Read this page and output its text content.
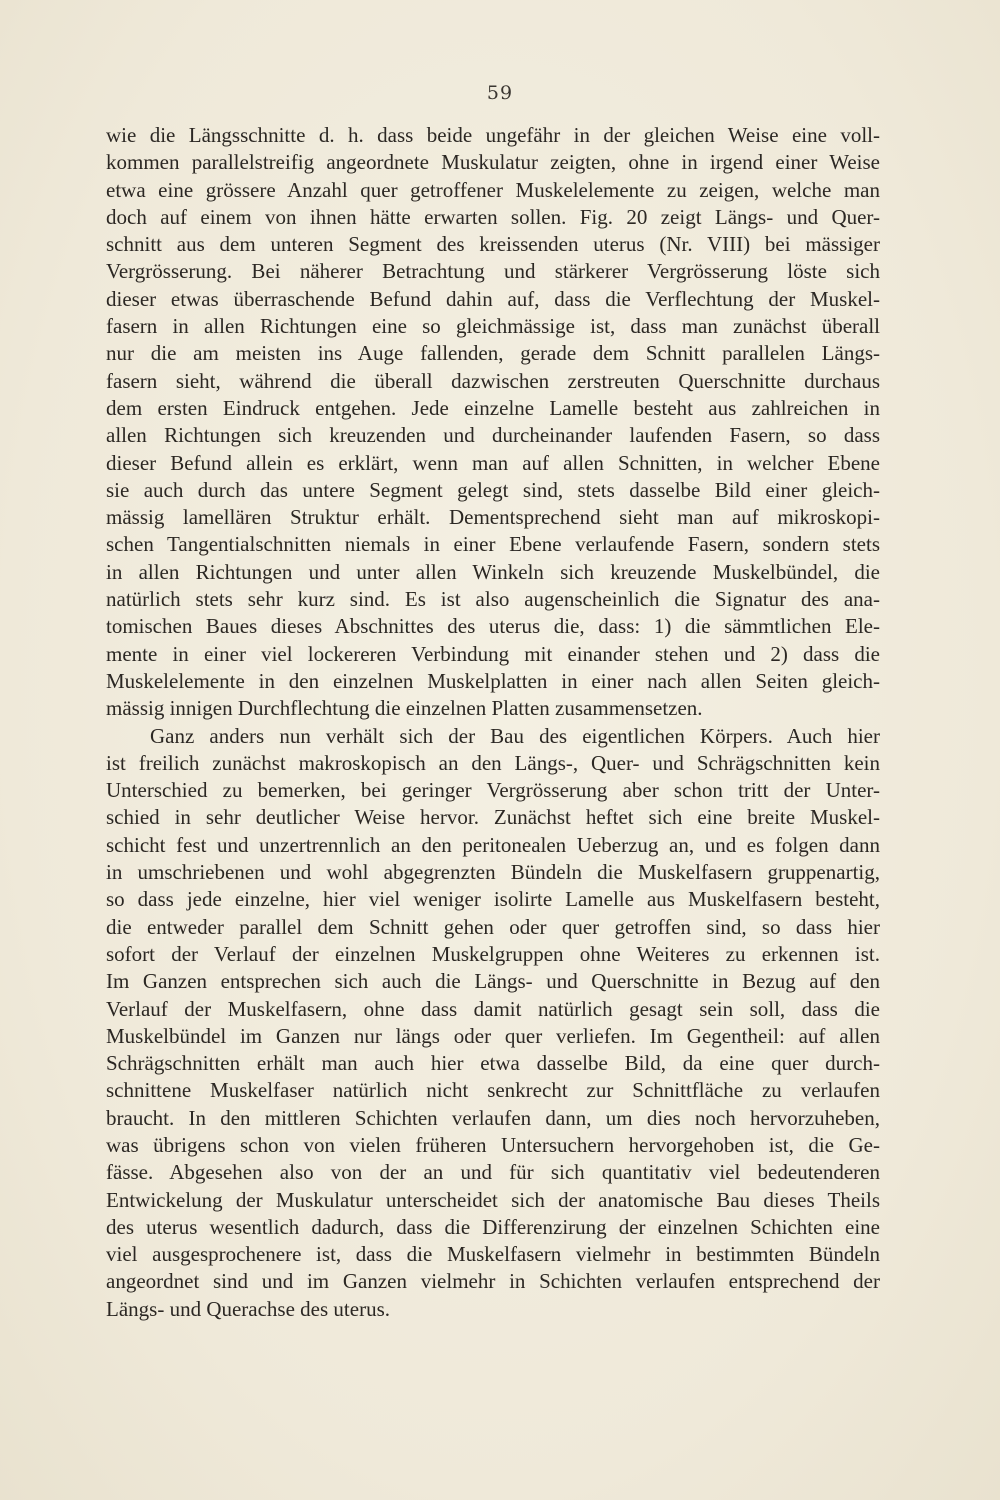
59
wie die Längsschnitte d. h. dass beide ungefähr in der gleichen Weise eine voll-
kommen parallelstreifig angeordnete Muskulatur zeigten, ohne in irgend einer Weise
etwa eine grössere Anzahl quer getroffener Muskelelemente zu zeigen, welche man
doch auf einem von ihnen hätte erwarten sollen. Fig. 20 zeigt Längs- und Quer-
schnitt aus dem unteren Segment des kreissenden uterus (Nr. VIII) bei mässiger
Vergrösserung. Bei näherer Betrachtung und stärkerer Vergrösserung löste sich
dieser etwas überraschende Befund dahin auf, dass die Verflechtung der Muskel-
fasern in allen Richtungen eine so gleichmässige ist, dass man zunächst überall
nur die am meisten ins Auge fallenden, gerade dem Schnitt parallelen Längs-
fasern sieht, während die überall dazwischen zerstreuten Querschnitte durchaus
dem ersten Eindruck entgehen. Jede einzelne Lamelle besteht aus zahlreichen in
allen Richtungen sich kreuzenden und durcheinander laufenden Fasern, so dass
dieser Befund allein es erklärt, wenn man auf allen Schnitten, in welcher Ebene
sie auch durch das untere Segment gelegt sind, stets dasselbe Bild einer gleich-
mässig lamellären Struktur erhält. Dementsprechend sieht man auf mikroskopi-
schen Tangentialschnitten niemals in einer Ebene verlaufende Fasern, sondern stets
in allen Richtungen und unter allen Winkeln sich kreuzende Muskelbündel, die
natürlich stets sehr kurz sind. Es ist also augenscheinlich die Signatur des ana-
tomischen Baues dieses Abschnittes des uterus die, dass: 1) die sämmtlichen Ele-
mente in einer viel lockereren Verbindung mit einander stehen und 2) dass die
Muskelelemente in den einzelnen Muskelplatten in einer nach allen Seiten gleich-
mässig innigen Durchflechtung die einzelnen Platten zusammensetzen.
Ganz anders nun verhält sich der Bau des eigentlichen Körpers. Auch hier
ist freilich zunächst makroskopisch an den Längs-, Quer- und Schrägschnitten kein
Unterschied zu bemerken, bei geringer Vergrösserung aber schon tritt der Unter-
schied in sehr deutlicher Weise hervor. Zunächst heftet sich eine breite Muskel-
schicht fest und unzertrennlich an den peritonealen Ueberzug an, und es folgen dann
in umschriebenen und wohl abgegrenzten Bündeln die Muskelfasern gruppenartig,
so dass jede einzelne, hier viel weniger isolirte Lamelle aus Muskelfasern besteht,
die entweder parallel dem Schnitt gehen oder quer getroffen sind, so dass hier
sofort der Verlauf der einzelnen Muskelgruppen ohne Weiteres zu erkennen ist.
Im Ganzen entsprechen sich auch die Längs- und Querschnitte in Bezug auf den
Verlauf der Muskelfasern, ohne dass damit natürlich gesagt sein soll, dass die
Muskelbündel im Ganzen nur längs oder quer verliefen. Im Gegentheil: auf allen
Schrägschnitten erhält man auch hier etwa dasselbe Bild, da eine quer durch-
schnittene Muskelfaser natürlich nicht senkrecht zur Schnittfläche zu verlaufen
braucht. In den mittleren Schichten verlaufen dann, um dies noch hervorzuheben,
was übrigens schon von vielen früheren Untersuchern hervorgehoben ist, die Ge-
fässe. Abgesehen also von der an und für sich quantitativ viel bedeutenderen
Entwickelung der Muskulatur unterscheidet sich der anatomische Bau dieses Theils
des uterus wesentlich dadurch, dass die Differenzirung der einzelnen Schichten eine
viel ausgesprochenere ist, dass die Muskelfasern vielmehr in bestimmten Bündeln
angeordnet sind und im Ganzen vielmehr in Schichten verlaufen entsprechend der
Längs- und Querachse des uterus.
